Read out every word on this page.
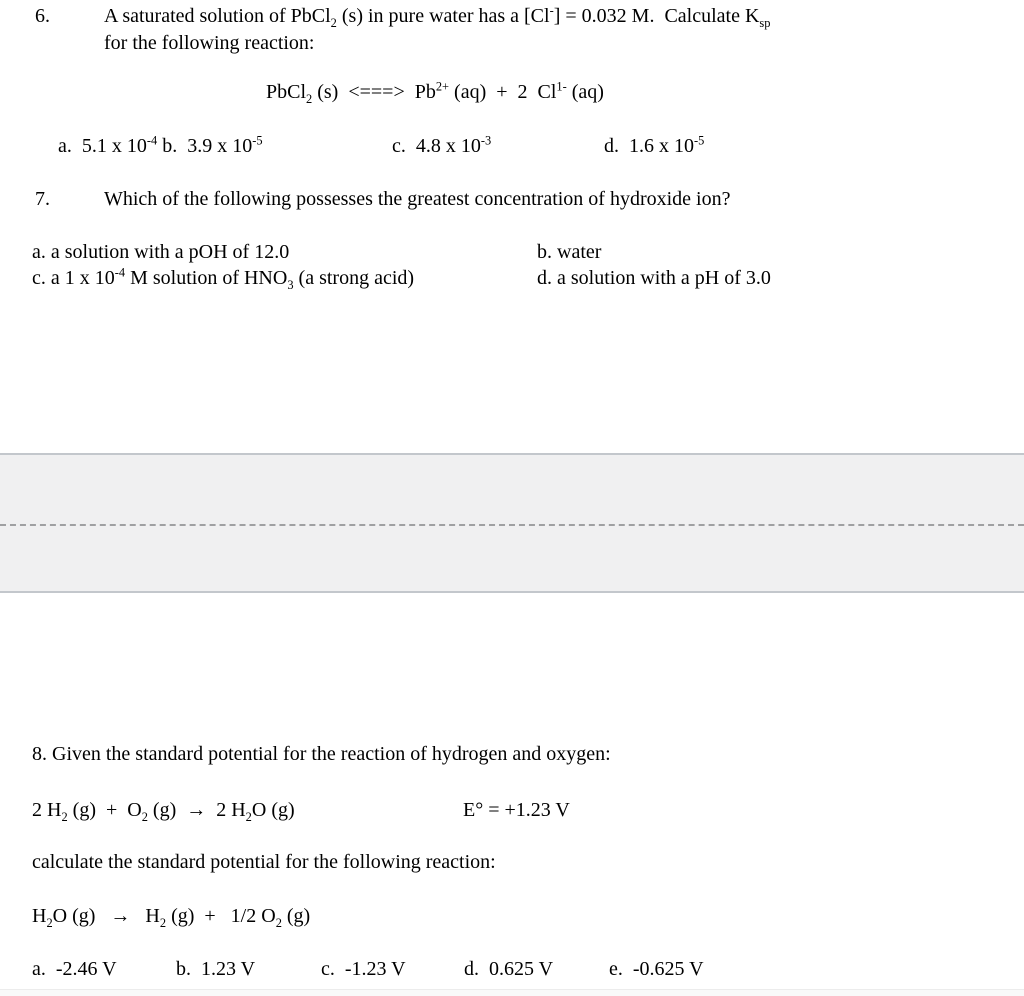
6.	A saturated solution of PbCl$_2$ (s) in pure water has a [Cl-] = 0.032 M.  Calculate $K_{sp}$
for the following reaction:
PbCl$_2$ (s)  <===>  $Pb^{2+}$ (aq)  +  2  $Cl^{1-}$ (aq)
a.  5.1 x $10^{-4}$ b.  3.9 x $10^{-5}$	c.  4.8 x $10^{-3}$	d.  1.6 x $10^{-5}$
7.	Which of the following possesses the greatest concentration of hydroxide ion?
a. a solution with a pOH of 12.0	b. water
c. a 1 x $10^{-4}$ M solution of $HNO_3$ (a strong acid)	d. a solution with a pH of 3.0
8. Given the standard potential for the reaction of hydrogen and oxygen:
2 $H_2$ $(g) + O_2$ (g)  →  2 $H_2O$ (g)	E° = +1.23 V
calculate the standard potential for the following reaction:
$H_2O$ $(g) \to H_2$ (g)  +   1/2 $O_2$ (g)
a.  -2.46 V	b.  1.23 V	c.  -1.23 V	d.  0.625 V	e.  -0.625 V
